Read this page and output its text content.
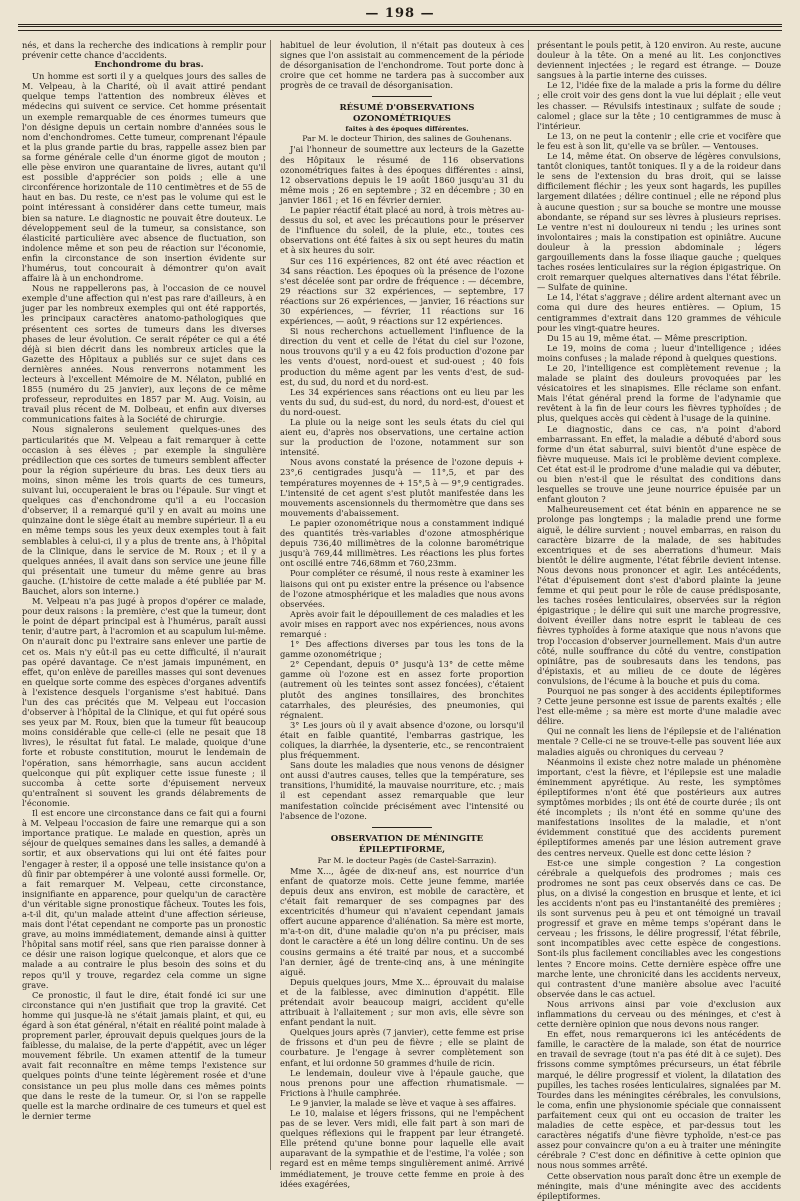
— 198 —

nés, et dans la recherche des indications à remplir pour prévenir cette chance d'accidents.

Enchondrome du bras.

Un homme est sorti il y a quelques jours des salles de M. Velpeau, à la Charité, où il avait attiré pendant quelque temps l'attention des nombreux élèves et médecins qui suivent ce service. Cet homme présentait un exemple remarquable de ces énormes tumeurs que l'on désigne depuis un certain nombre d'années sous le nom d'enchondromes. Cette tumeur, comprenant l'épaule et la plus grande partie du bras, rappelle assez bien par sa forme générale celle d'un énorme gigot de mouton ; elle pèse environ une quarantaine de livres, autant qu'il est possible d'apprécier son poids ; elle a une circonférence horizontale de 110 centimètres et de 55 de haut en bas. Du reste, ce n'est pas le volume qui est le point intéressant à considérer dans cette tumeur, mais bien sa nature. Le diagnostic ne pouvait être douteux. Le développement seul de la tumeur, sa consistance, son élasticité particulière avec absence de fluctuation, son indolence même et son peu de réaction sur l'économie, enfin la circonstance de son insertion évidente sur l'humérus, tout concourait à démontrer qu'on avait affaire là à un enchondrome.

Nous ne rappellerons pas, à l'occasion de ce nouvel exemple d'une affection qui n'est pas rare d'ailleurs, à en juger par les nombreux exemples qui ont été rapportés, les principaux caractères anatomo-pathologiques que présentent ces sortes de tumeurs dans les diverses phases de leur évolution. Ce serait répéter ce qui a été déjà si bien décrit dans les nombreux articles que la Gazette des Hôpitaux a publiés sur ce sujet dans ces dernières années. Nous renverrons notamment les lecteurs à l'excellent Mémoire de M. Nélaton, publié en 1855 (numéro du 25 janvier), aux leçons de ce même professeur, reproduites en 1857 par M. Aug. Voisin, au travail plus récent de M. Dolbeau, et enfin aux diverses communications faites à la Société de chirurgie.

Nous signalerons seulement quelques-unes des particularités que M. Velpeau a fait remarquer à cette occasion à ses élèves ; par exemple la singulière prédilection que ces sortes de tumeurs semblent affecter pour la région supérieure du bras. Les deux tiers au moins, sinon même les trois quarts de ces tumeurs, suivant lui, occuperaient le bras ou l'épaule. Sur vingt et quelques cas d'enchondrome qu'il a eu l'occasion d'observer, il a remarqué qu'il y en avait au moins une quinzaine dont le siège était au membre supérieur. Il a eu en même temps sous les yeux deux exemples tout à fait semblables à celui-ci, il y a plus de trente ans, à l'hôpital de la Clinique, dans le service de M. Roux ; et il y a quelques années, il avait dans son service une jeune fille qui présentait une tumeur du même genre au bras gauche. (L'histoire de cette malade a été publiée par M. Bauchet, alors son interne.)

M. Velpeau n'a pas jugé à propos d'opérer ce malade, pour deux raisons : la première, c'est que la tumeur, dont le point de départ principal est à l'humérus, paraît aussi tenir, d'autre part, à l'acromion et au scapulum lui-même. On n'aurait donc pu l'extraire sans enlever une partie de cet os. Mais n'y eût-il pas eu cette difficulté, il n'aurait pas opéré davantage. Ce n'est jamais impunément, en effet, qu'on enlève de pareilles masses qui sont devenues en quelque sorte comme des espèces d'organes adventifs à l'existence desquels l'organisme s'est habitué. Dans l'un des cas précités que M. Velpeau eut l'occasion d'observer à l'hôpital de la Clinique, et qui fut opéré sous ses yeux par M. Roux, bien que la tumeur fût beaucoup moins considérable que celle-ci (elle ne pesait que 18 livres), le résultat fut fatal. Le malade, quoique d'une forte et robuste constitution, mourut le lendemain de l'opération, sans hémorrhagie, sans aucun accident quelconque qui pût expliquer cette issue funeste ; il succomba à cette sorte d'épuisement nerveux qu'entraînent si souvent les grands délabrements de l'économie.

Il est encore une circonstance dans ce fait qui a fourni à M. Velpeau l'occasion de faire une remarque qui a son importance pratique. Le malade en question, après un séjour de quelques semaines dans les salles, a demandé à sortir, et aux observations qui lui ont été faites pour l'engager à rester, il a opposé une telle insistance qu'on a dû finir par obtempérer à une volonté aussi formelle. Or, a fait remarquer M. Velpeau, cette circonstance, insignifiante en apparence, pour quelqu'un de caractère d'un véritable signe pronostique fâcheux. Toutes les fois, a-t-il dit, qu'un malade atteint d'une affection sérieuse, mais dont l'état cependant ne comporte pas un pronostic grave, au moins immédiatement, demande ainsi à quitter l'hôpital sans motif réel, sans que rien paraisse donner à ce désir une raison logique quelconque, et alors que ce malade a au contraire le plus besoin des soins et du repos qu'il y trouve, regardez cela comme un signe grave.

Ce pronostic, il faut le dire, était fondé ici sur une circonstance qui n'en justifiait que trop la gravité. Cet homme qui jusque-là ne s'était jamais plaint, et qui, eu égard à son état général, n'était en réalité point malade à proprement parler, éprouvait depuis quelques jours de la faiblesse, du malaise, de la perte d'appétit, avec un léger mouvement fébrile. Un examen attentif de la tumeur avait fait reconnaître en même temps l'existence sur quelques points d'une teinte légèrement rosée et d'une consistance un peu plus molle dans ces mêmes points que dans le reste de la tumeur. Or, si l'on se rappelle quelle est la marche ordinaire de ces tumeurs et quel est le dernier terme

habituel de leur évolution, il n'était pas douteux à ces signes que l'on assistait au commencement de la période de désorganisation de l'enchondrome. Tout porte donc à croire que cet homme ne tardera pas à succomber aux progrès de ce travail de désorganisation.

RÉSUMÉ D'OBSERVATIONS OZONOMÉTRIQUES

faites à des époques différentes.

Par M. le docteur Thirion, des salines de Gouhenans.

J'ai l'honneur de soumettre aux lecteurs de la Gazette des Hôpitaux le résumé de 116 observations ozonométriques faites à des époques différentes : ainsi, 12 observations depuis le 19 août 1860 jusqu'au 31 du même mois ; 26 en septembre ; 32 en décembre ; 30 en janvier 1861 ; et 16 en février dernier.

Le papier réactif était placé au nord, à trois mètres au-dessus du sol, et avec les précautions pour le préserver de l'influence du soleil, de la pluie, etc., toutes ces observations ont été faites à six ou sept heures du matin et à six heures du soir.

Sur ces 116 expériences, 82 ont été avec réaction et 34 sans réaction. Les époques où la présence de l'ozone s'est décelée sont par ordre de fréquence : — décembre, 29 réactions sur 32 expériences, — septembre, 17 réactions sur 26 expériences, — janvier, 16 réactions sur 30 expériences, — février, 11 réactions sur 16 expériences, — août, 9 réactions sur 12 expériences.

Si nous recherchons actuellement l'influence de la direction du vent et celle de l'état du ciel sur l'ozone, nous trouvons qu'il y a eu 42 fois production d'ozone par les vents d'ouest, nord-ouest et sud-ouest ; 40 fois production du même agent par les vents d'est, de sud-est, du sud, du nord et du nord-est.

Les 34 expériences sans réactions ont eu lieu par les vents du sud, du sud-est, du nord, du nord-est, d'ouest et du nord-ouest.

La pluie ou la neige sont les seuls états du ciel qui aient eu, d'après nos observations, une certaine action sur la production de l'ozone, notamment sur son intensité.

Nous avons constaté la présence de l'ozone depuis + 23°,6 centigrades jusqu'à — 11°,5, et par des températures moyennes de + 15°,5 à — 9°,9 centigrades. L'intensité de cet agent s'est plutôt manifestée dans les mouvements ascensionnels du thermomètre que dans ses mouvements d'abaissement.

Le papier ozonométrique nous a constamment indiqué des quantités très-variables d'ozone atmosphérique depuis 736,40 millimètres de la colonne barométrique jusqu'à 769,44 millimètres. Les réactions les plus fortes ont oscillé entre 746,68mm et 760,23mm.

Pour compléter ce résumé, il nous reste à examiner les liaisons qui ont pu exister entre la présence ou l'absence de l'ozone atmosphérique et les maladies que nous avons observées.

Après avoir fait le dépouillement de ces maladies et les avoir mises en rapport avec nos expériences, nous avons remarqué :

1° Des affections diverses par tous les tons de la gamme ozonométrique ;

2° Cependant, depuis 0° jusqu'à 13° de cette même gamme où l'ozone est en assez forte proportion (autrement où les teintes sont assez foncées), c'étaient plutôt des angines tonsillaires, des bronchites catarrhales, des pleurésies, des pneumonies, qui régnaient.

3° Les jours où il y avait absence d'ozone, ou lorsqu'il était en faible quantité, l'embarras gastrique, les coliques, la diarrhée, la dysenterie, etc., se rencontraient plus fréquemment.

Sans doute les maladies que nous venons de désigner ont aussi d'autres causes, telles que la température, ses transitions, l'humidité, la mauvaise nourriture, etc. ; mais il est cependant assez remarquable que leur manifestation coïncide précisément avec l'intensité ou l'absence de l'ozone.

OBSERVATION DE MÉNINGITE ÉPILEPTIFORME,

Par M. le docteur Pagès (de Castel-Sarrazin).

Mme X..., âgée de dix-neuf ans, est nourrice d'un enfant de quatorze mois. Cette jeune femme, mariée depuis deux ans environ, est mobile de caractère, et c'était fait remarquer de ses compagnes par des excentricités d'humeur qui n'avaient cependant jamais offert aucune apparence d'aliénation. Sa mère est morte, m'a-t-on dit, d'une maladie qu'on n'a pu préciser, mais dont le caractère a été un long délire continu. Un de ses cousins germains a été traité par nous, et a succombé l'an dernier, âgé de trente-cinq ans, à une méningite aiguë.

Depuis quelques jours, Mme X... éprouvait du malaise et de la faiblesse, avec diminution d'appétit. Elle prétendait avoir beaucoup maigri, accident qu'elle attribuait à l'allaitement ; sur mon avis, elle sèvre son enfant pendant la nuit.

Quelques jours après (7 janvier), cette femme est prise de frissons et d'un peu de fièvre ; elle se plaint de courbature. Je l'engage à sevrer complètement son enfant, et lui ordonne 50 grammes d'huile de ricin.

Le lendemain, douleur vive à l'épaule gauche, que nous prenons pour une affection rhumatismale. — Frictions à l'huile camphrée.

Le 9 janvier, la malade se lève et vaque à ses affaires.

Le 10, malaise et légers frissons, qui ne l'empêchent pas de se lever. Vers midi, elle fait part à son mari de quelques réflexions qui le frappent par leur étrangeté. Elle prétend qu'une bonne pour laquelle elle avait auparavant de la sympathie et de l'estime, l'a volée ; son regard est en même temps singulièrement animé. Arrivé immédiatement, je trouve cette femme en proie à des idées exagérées,

présentant le pouls petit, à 120 environ. Au reste, aucune douleur à la tête. On a mené au lit. Les conjonctives deviennent injectées ; le regard est étrange. — Douze sangsues à la partie interne des cuisses.

Le 12, l'idée fixe de la malade a pris la forme du délire ; elle croit voir des gens dont la vue lui déplait ; elle veut les chasser. — Révulsifs intestinaux ; sulfate de soude ; calomel ; glace sur la tête ; 10 centigrammes de musc à l'intérieur.

Le 13, on ne peut la contenir ; elle crie et vocifère que le feu est à son lit, qu'elle va se brûler. — Ventouses.

Le 14, même état. On observe de légères convulsions, tantôt cloniques, tantôt toniques. Il y a de la roideur dans le sens de l'extension du bras droit, qui se laisse difficilement fléchir ; les yeux sont hagards, les pupilles largement dilatées ; délire continuel ; elle ne répond plus à aucune question ; sur sa bouche se montre une mousse abondante, se répand sur ses lèvres à plusieurs reprises. Le ventre n'est ni douloureux ni tendu ; les urines sont involontaires ; mais la constipation est opiniâtre. Aucune douleur à la pression abdominale ; légers gargouillements dans la fosse iliaque gauche ; quelques taches rosées lenticulaires sur la région épigastrique. On croit remarquer quelques alternatives dans l'état fébrile. — Sulfate de quinine.

Le 14, l'état s'aggrave ; délire ardent alternant avec un coma qui dure des heures entières. — Opium, 15 centigrammes d'extrait dans 120 grammes de véhicule pour les vingt-quatre heures.

Du 15 au 19, même état. — Même prescription.

Le 19, moins de coma ; lueur d'intelligence ; idées moins confuses ; la malade répond à quelques questions.

Le 20, l'intelligence est complètement revenue ; la malade se plaint des douleurs provoquées par les vésicatoires et les sinapismes. Elle réclame son enfant. Mais l'état général prend la forme de l'adynamie que revêtent à la fin de leur cours les fièvres typhoïdes ; de plus, quelques accès qui cèdent à l'usage de la quinine.

Le diagnostic, dans ce cas, n'a point d'abord embarrassant. En effet, la maladie a débuté d'abord sous forme d'un état saburral, suivi bientôt d'une espèce de fièvre muqueuse. Mais ici le problème devient complexe. Cet état est-il le prodrome d'une maladie qui va débuter, ou bien n'est-il que le résultat des conditions dans lesquelles se trouve une jeune nourrice épuisée par un enfant glouton ?

Malheureusement cet état bénin en apparence ne se prolonge pas longtemps ; la maladie prend une forme aiguë, le délire survient ; nouvel embarras, en raison du caractère bizarre de la malade, de ses habitudes excentriques et de ses aberrations d'humeur. Mais bientôt le délire augmente, l'état fébrile devient intense. Nous devons nous prononcer et agir. Les antécédents, l'état d'épuisement dont s'est d'abord plainte la jeune femme et qui peut pour le rôle de cause prédisposante, les taches rosées lenticulaires, observées sur la région épigastrique ; le délire qui suit une marche progressive, doivent éveiller dans notre esprit le tableau de ces fièvres typhoïdes à forme ataxique que nous n'avons que trop l'occasion d'observer journellement. Mais d'un autre côté, nulle souffrance du côté du ventre, constipation opiniâtre, pas de soubresauts dans les tendons, pas d'épistaxis, et au milieu de ce doute de légères convulsions, de l'écume à la bouche et puis du coma.

Pourquoi ne pas songer à des accidents épileptiformes ? Cette jeune personne est issue de parents exaltés ; elle l'est elle-même ; sa mère est morte d'une maladie avec délire.

Qui ne connaît les liens de l'épilepsie et de l'aliénation mentale ? Celle-ci ne se trouve-t-elle pas souvent liée aux maladies aiguës ou chroniques du cerveau ?

Néanmoins il existe chez notre malade un phénomène important, c'est la fièvre, et l'épilepsie est une maladie éminemment apyrétique. Au reste, les symptômes épileptiformes n'ont été que postérieurs aux autres symptômes morbides ; ils ont été de courte durée ; ils ont été incomplets ; ils n'ont été en somme qu'une des manifestations insolites de la maladie, et n'ont évidemment constitué que des accidents purement épileptiformes amenés par une lésion autrement grave des centres nerveux. Quelle est donc cette lésion ?

Est-ce une simple congestion ? La congestion cérébrale a quelquefois des prodromes ; mais ces prodromes ne sont pas ceux observés dans ce cas. De plus, on a divisé la congestion en brusque et lente, et ici les accidents n'ont pas eu l'instantanéité des premières ; ils sont survenus peu à peu et ont témoigné un travail progressif et grave en même temps s'opérant dans le cerveau ; les frissons, le délire progressif, l'état fébrile, sont incompatibles avec cette espèce de congestions. Sont-ils plus facilement conciliables avec les congestions lentes ? Encore moins. Cette dernière espèce offre une marche lente, une chronicité dans les accidents nerveux, qui contrastent d'une manière absolue avec l'acuité observée dans le cas actuel.

Nous arrivons ainsi par voie d'exclusion aux inflammations du cerveau ou des méninges, et c'est à cette dernière opinion que nous devons nous ranger.

En effet, nous remarquerons ici les antécédents de famille, le caractère de la malade, son état de nourrice en travail de sevrage (tout n'a pas été dit à ce sujet). Des frissons comme symptômes précurseurs, un état fébrile marqué, le délire progressif et violent, la dilatation des pupilles, les taches rosées lenticulaires, signalées par M. Tourdes dans les méningites cérébrales, les convulsions, le coma, enfin une physionomie spéciale que connaissent parfaitement ceux qui ont eu occasion de traiter les maladies de cette espèce, et par-dessus tout les caractères négatifs d'une fièvre typhoïde, n'est-ce pas assez pour convaincre qu'on a eu à traiter une méningite cérébrale ? C'est donc en définitive à cette opinion que nous nous sommes arrêté.

Cette observation nous paraît donc être un exemple de méningite, mais d'une méningite avec des accidents épileptiformes.
